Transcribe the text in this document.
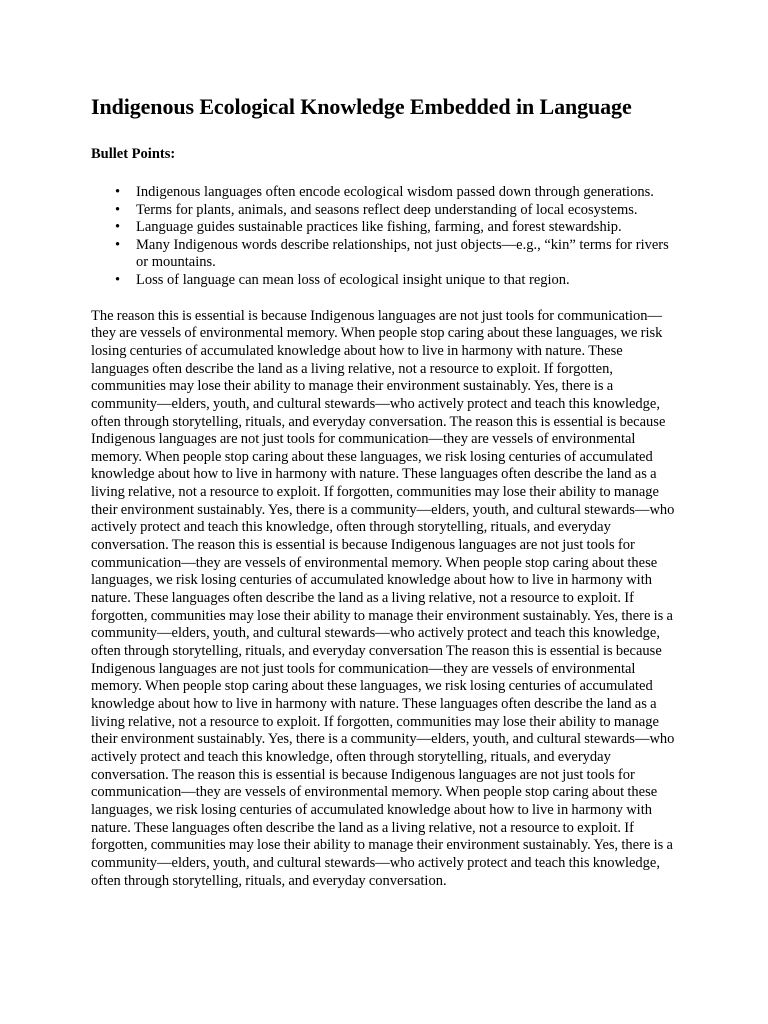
Indigenous Ecological Knowledge Embedded in Language

Bullet Points:

• Indigenous languages often encode ecological wisdom passed down through generations.
• Terms for plants, animals, and seasons reflect deep understanding of local ecosystems.
• Language guides sustainable practices like fishing, farming, and forest stewardship.
• Many Indigenous words describe relationships, not just objects—e.g., “kin” terms for rivers or mountains.
• Loss of language can mean loss of ecological insight unique to that region.

The reason this is essential is because Indigenous languages are not just tools for communication—they are vessels of environmental memory. When people stop caring about these languages, we risk losing centuries of accumulated knowledge about how to live in harmony with nature. These languages often describe the land as a living relative, not a resource to exploit. If forgotten, communities may lose their ability to manage their environment sustainably. Yes, there is a community—elders, youth, and cultural stewards—who actively protect and teach this knowledge, often through storytelling, rituals, and everyday conversation. The reason this is essential is because Indigenous languages are not just tools for communication—they are vessels of environmental memory. When people stop caring about these languages, we risk losing centuries of accumulated knowledge about how to live in harmony with nature. These languages often describe the land as a living relative, not a resource to exploit. If forgotten, communities may lose their ability to manage their environment sustainably. Yes, there is a community—elders, youth, and cultural stewards—who actively protect and teach this knowledge, often through storytelling, rituals, and everyday conversation. The reason this is essential is because Indigenous languages are not just tools for communication—they are vessels of environmental memory. When people stop caring about these languages, we risk losing centuries of accumulated knowledge about how to live in harmony with nature. These languages often describe the land as a living relative, not a resource to exploit. If forgotten, communities may lose their ability to manage their environment sustainably. Yes, there is a community—elders, youth, and cultural stewards—who actively protect and teach this knowledge, often through storytelling, rituals, and everyday conversation The reason this is essential is because Indigenous languages are not just tools for communication—they are vessels of environmental memory. When people stop caring about these languages, we risk losing centuries of accumulated knowledge about how to live in harmony with nature. These languages often describe the land as a living relative, not a resource to exploit. If forgotten, communities may lose their ability to manage their environment sustainably. Yes, there is a community—elders, youth, and cultural stewards—who actively protect and teach this knowledge, often through storytelling, rituals, and everyday conversation. The reason this is essential is because Indigenous languages are not just tools for communication—they are vessels of environmental memory. When people stop caring about these languages, we risk losing centuries of accumulated knowledge about how to live in harmony with nature. These languages often describe the land as a living relative, not a resource to exploit. If forgotten, communities may lose their ability to manage their environment sustainably. Yes, there is a community—elders, youth, and cultural stewards—who actively protect and teach this knowledge, often through storytelling, rituals, and everyday conversation.
